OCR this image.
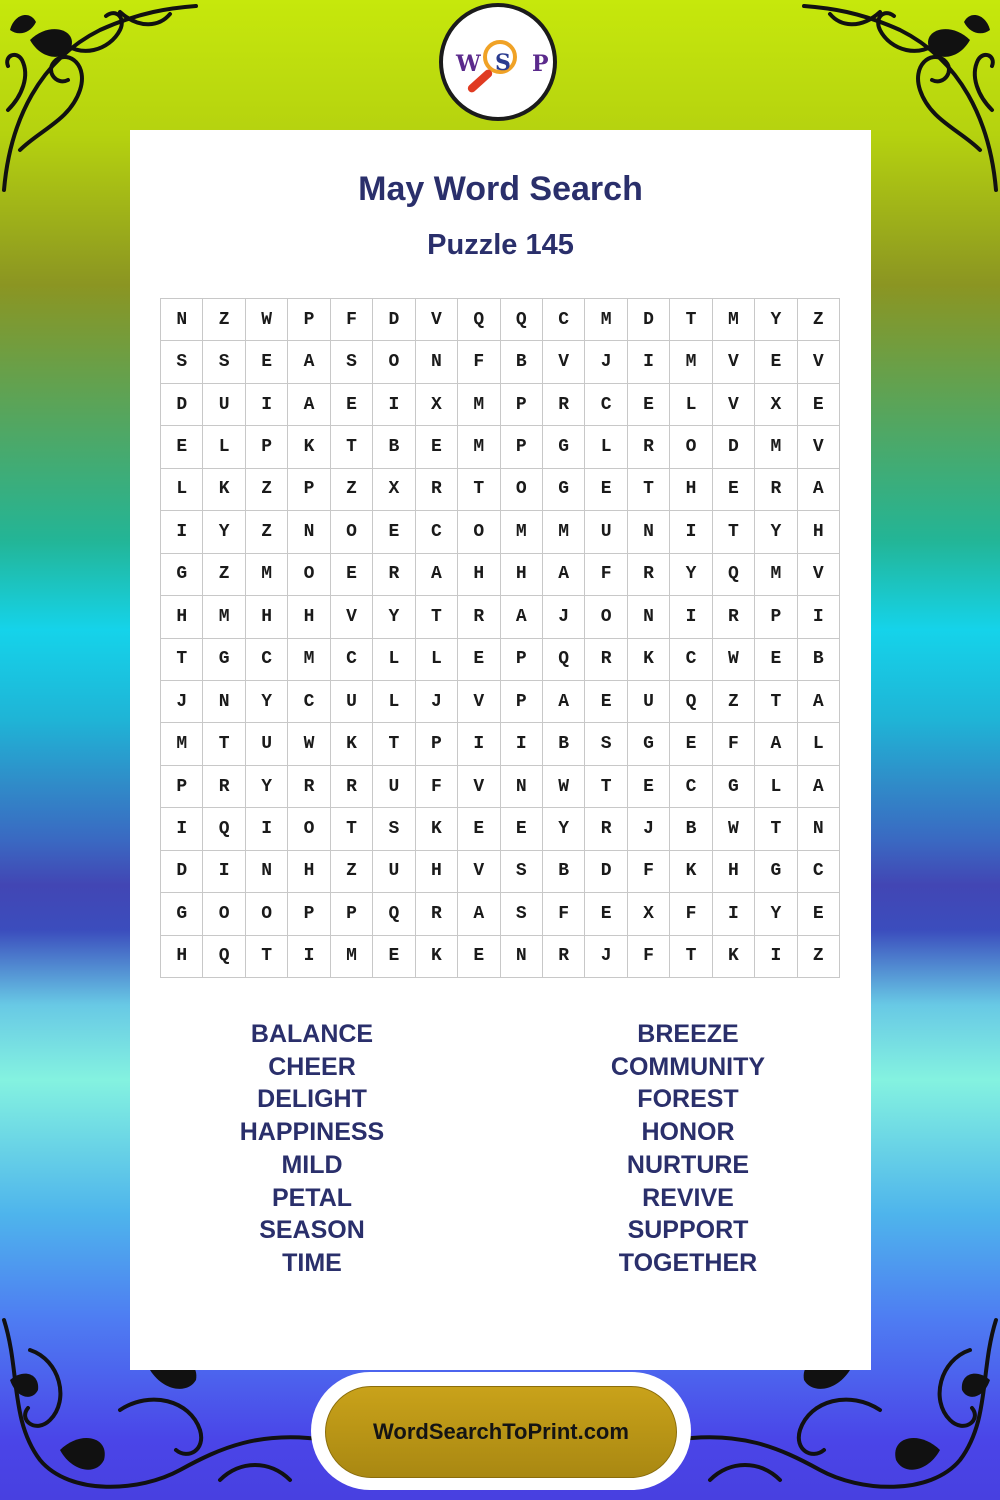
W S P
May Word Search
Puzzle 145
N	Z	W	P	F	D	V	Q	Q	C	M	D	T	M	Y	Z
S	S	E	A	S	O	N	F	B	V	J	I	M	V	E	V
D	U	I	A	E	I	X	M	P	R	C	E	L	V	X	E
E	L	P	K	T	B	E	M	P	G	L	R	O	D	M	V
L	K	Z	P	Z	X	R	T	O	G	E	T	H	E	R	A
I	Y	Z	N	O	E	C	O	M	M	U	N	I	T	Y	H
G	Z	M	O	E	R	A	H	H	A	F	R	Y	Q	M	V
H	M	H	H	V	Y	T	R	A	J	O	N	I	R	P	I
T	G	C	M	C	L	L	E	P	Q	R	K	C	W	E	B
J	N	Y	C	U	L	J	V	P	A	E	U	Q	Z	T	A
M	T	U	W	K	T	P	I	I	B	S	G	E	F	A	L
P	R	Y	R	R	U	F	V	N	W	T	E	C	G	L	A
I	Q	I	O	T	S	K	E	E	Y	R	J	B	W	T	N
D	I	N	H	Z	U	H	V	S	B	D	F	K	H	G	C
G	O	O	P	P	Q	R	A	S	F	E	X	F	I	Y	E
H	Q	T	I	M	E	K	E	N	R	J	F	T	K	I	Z
BALANCE
CHEER
DELIGHT
HAPPINESS
MILD
PETAL
SEASON
TIME
BREEZE
COMMUNITY
FOREST
HONOR
NURTURE
REVIVE
SUPPORT
TOGETHER
WordSearchToPrint.com
